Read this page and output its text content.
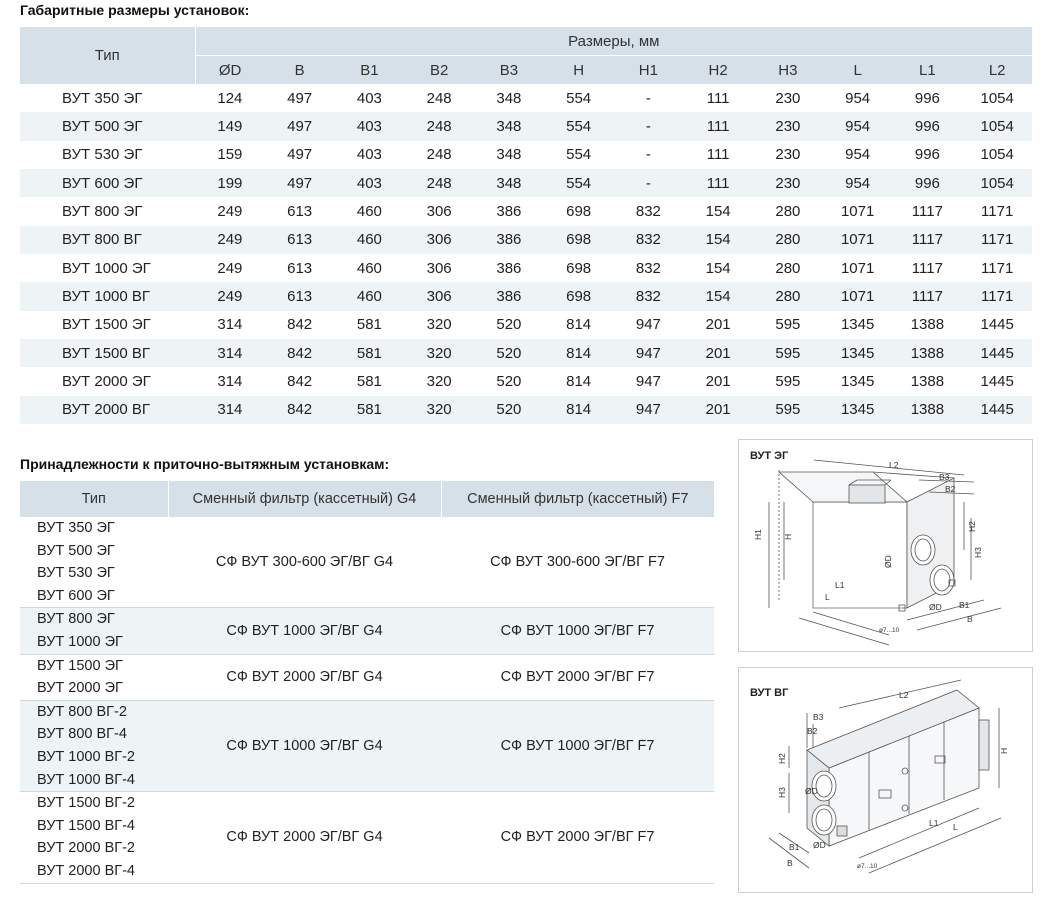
Габаритные размеры установок:
Тип	Размеры, мм											
	ØD	B	B1	B2	B3	H	H1	H2	H3	L	L1	L2
ВУТ 350 ЭГ	124	497	403	248	348	554	-	111	230	954	996	1054
ВУТ 500 ЭГ	149	497	403	248	348	554	-	111	230	954	996	1054
ВУТ 530 ЭГ	159	497	403	248	348	554	-	111	230	954	996	1054
ВУТ 600 ЭГ	199	497	403	248	348	554	-	111	230	954	996	1054
ВУТ 800 ЭГ	249	613	460	306	386	698	832	154	280	1071	1117	1171
ВУТ 800 ВГ	249	613	460	306	386	698	832	154	280	1071	1117	1171
ВУТ 1000 ЭГ	249	613	460	306	386	698	832	154	280	1071	1117	1171
ВУТ 1000 ВГ	249	613	460	306	386	698	832	154	280	1071	1117	1171
ВУТ 1500 ЭГ	314	842	581	320	520	814	947	201	595	1345	1388	1445
ВУТ 1500 ВГ	314	842	581	320	520	814	947	201	595	1345	1388	1445
ВУТ 2000 ЭГ	314	842	581	320	520	814	947	201	595	1345	1388	1445
ВУТ 2000 ВГ	314	842	581	320	520	814	947	201	595	1345	1388	1445
Принадлежности к приточно-вытяжным установкам:
Тип	Сменный фильтр (кассетный) G4	Сменный фильтр (кассетный) F7

ВУТ 350 ЭГ
ВУТ 500 ЭГ
ВУТ 530 ЭГ
ВУТ 600 ЭГ	СФ ВУТ 300-600 ЭГ/ВГ G4	СФ ВУТ 300-600 ЭГ/ВГ F7

ВУТ 800 ЭГ
ВУТ 1000 ЭГ	СФ ВУТ 1000 ЭГ/ВГ G4	СФ ВУТ 1000 ЭГ/ВГ F7

ВУТ 1500 ЭГ
ВУТ 2000 ЭГ	СФ ВУТ 2000 ЭГ/ВГ G4	СФ ВУТ 2000 ЭГ/ВГ F7

ВУТ 800 ВГ-2
ВУТ 800 ВГ-4
ВУТ 1000 ВГ-2
ВУТ 1000 ВГ-4	СФ ВУТ 1000 ЭГ/ВГ G4	СФ ВУТ 1000 ЭГ/ВГ F7

ВУТ 1500 ВГ-2
ВУТ 1500 ВГ-4
ВУТ 2000 ВГ-2
ВУТ 2000 ВГ-4	СФ ВУТ 2000 ЭГ/ВГ G4	СФ ВУТ 2000 ЭГ/ВГ F7
ВУТ ЭГ
L2
B3
B2
H1 H
H2
H3
ØD
ØD
L1
L
B1
B
ø7...10
ВУТ ВГ	L2
B3
B2
H2
H3
H
ØD
ØD
L1 L
B1
B	ø7...10
